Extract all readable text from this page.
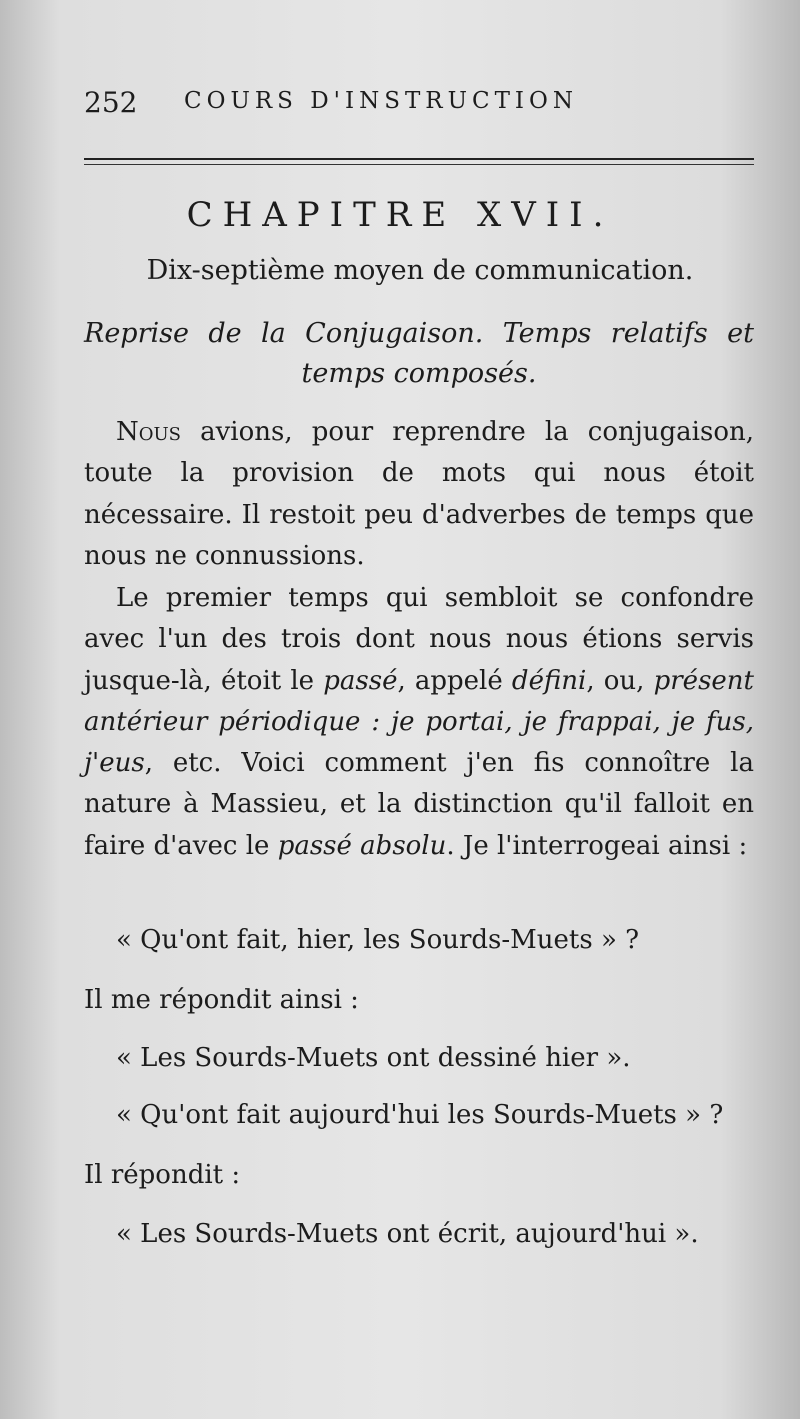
252 COURS D'INSTRUCTION
CHAPITRE XVII.
Dix-septième moyen de communication.
Reprise de la Conjugaison. Temps relatifs et
temps composés.
Nous avions, pour reprendre la conjugaison, toute la provision de mots qui nous étoit nécessaire. Il restoit peu d'adverbes de temps que nous ne connussions.
Le premier temps qui sembloit se confondre avec l'un des trois dont nous nous étions servis jusque-là, étoit le passé, appelé défini, ou, présent antérieur périodique : je portai, je frappai, je fus, j'eus, etc. Voici comment j'en fis connoître la nature à Massieu, et la distinction qu'il falloit en faire d'avec le passé absolu. Je l'interrogeai ainsi :
« Qu'ont fait, hier, les Sourds-Muets » ?
Il me répondit ainsi :
« Les Sourds-Muets ont dessiné hier ».
« Qu'ont fait aujourd'hui les Sourds-Muets » ?
Il répondit :
« Les Sourds-Muets ont écrit, aujourd'hui ».
